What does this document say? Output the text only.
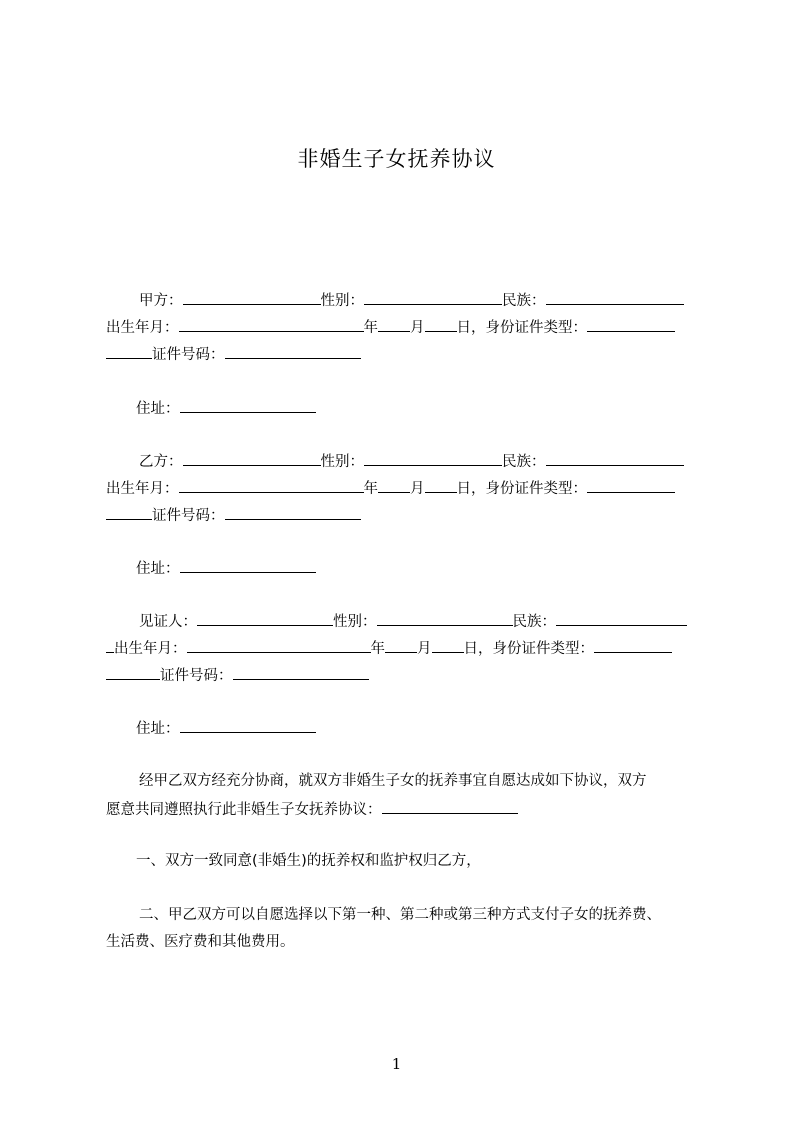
非婚生子女抚养协议
甲方：	性别：	民族：
出生年月：	年 月 日，身份证件类型：
证件号码：
住址：
乙方：	性别：	民族：
出生年月：	年 月 日，身份证件类型：
证件号码：
住址：
见证人：	性别：	民族：
出生年月：	年 月 日，身份证件类型：
证件号码：
住址：
经甲乙双方经充分协商，就双方非婚生子女的抚养事宜自愿达成如下协议，双方
愿意共同遵照执行此非婚生子女抚养协议：
一、双方一致同意(非婚生)的抚养权和监护权归乙方，
二、甲乙双方可以自愿选择以下第一种、第二种或第三种方式支付子女的抚养费、
生活费、医疗费和其他费用。
1
